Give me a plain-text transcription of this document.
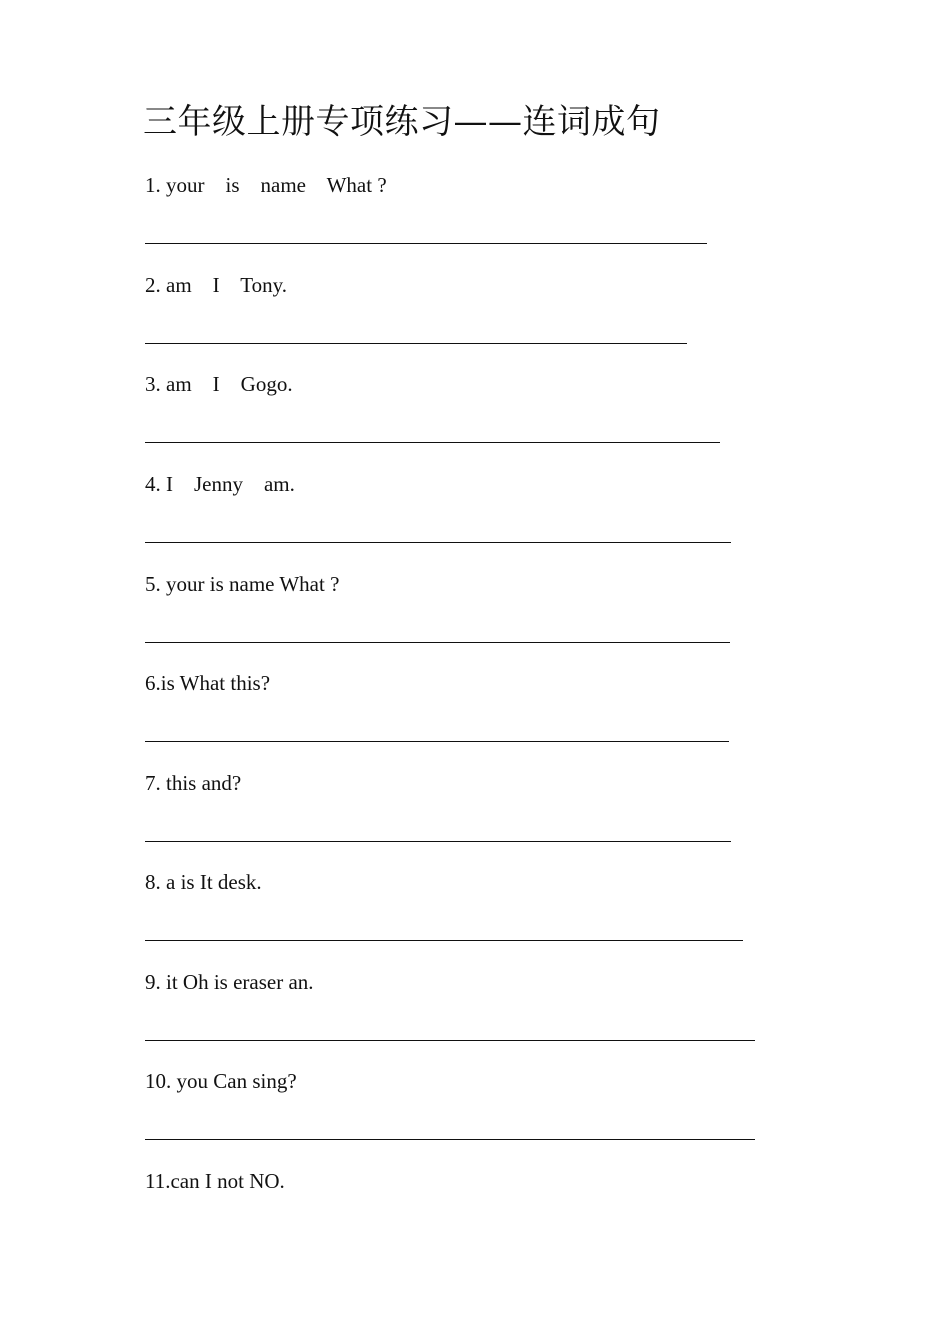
三年级上册专项练习——连词成句
1. your    is    name    What ?
2. am    I    Tony.
3. am    I    Gogo.
4. I    Jenny    am.
5. your is name What ?
6.is What this?
7. this and?
8. a is It desk.
9. it Oh is eraser an.
10. you Can sing?
11.can I not NO.
